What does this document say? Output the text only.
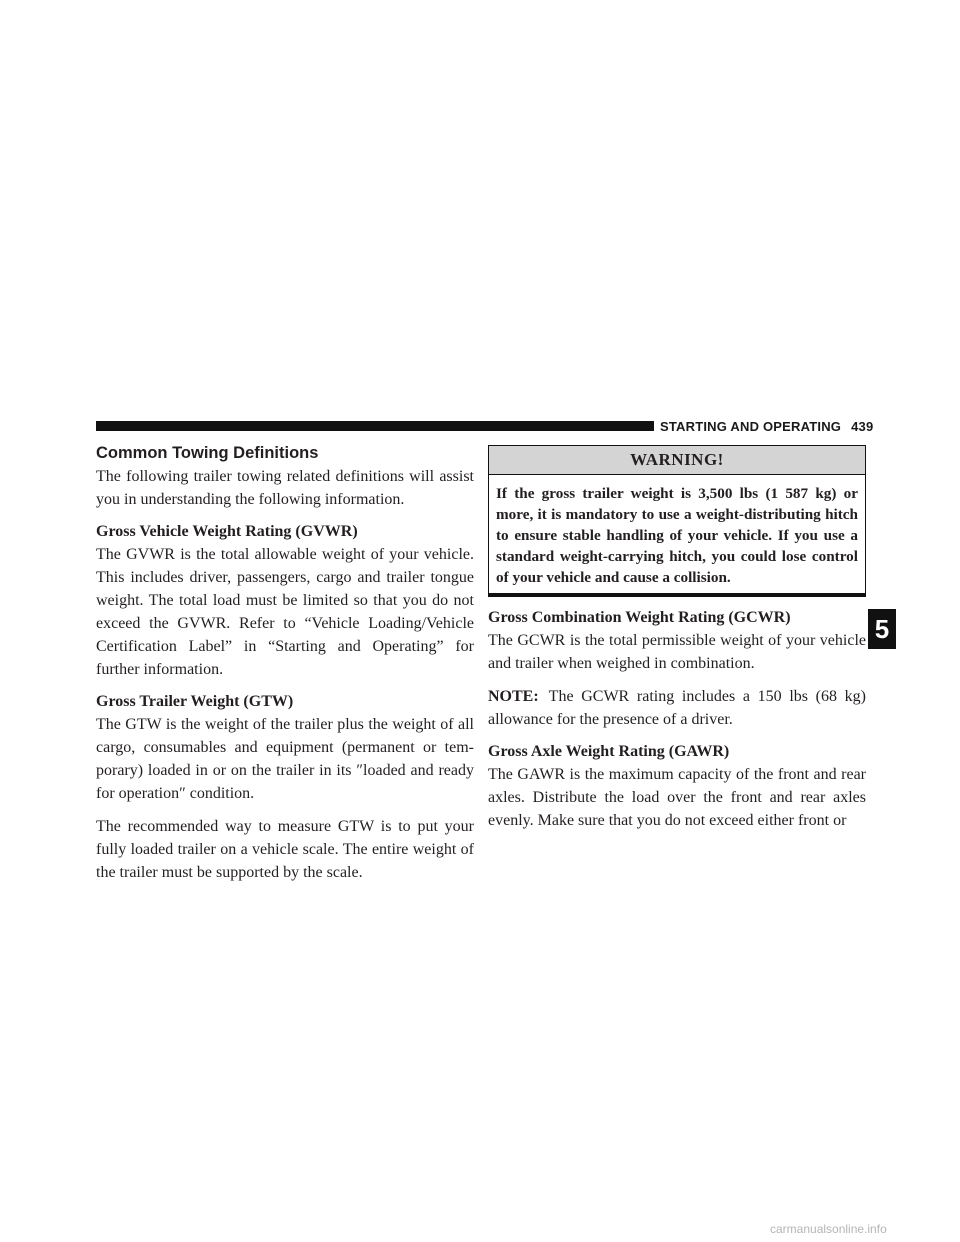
STARTING AND OPERATING 439
Common Towing Definitions

The following trailer towing related definitions will assist you in understanding the following information.

Gross Vehicle Weight Rating (GVWR)

The GVWR is the total allowable weight of your vehicle. This includes driver, passengers, cargo and trailer tongue weight. The total load must be limited so that you do not exceed the GVWR. Refer to “Vehicle Loading/Vehicle Certification Label” in “Starting and Operating” for further information.

Gross Trailer Weight (GTW)

The GTW is the weight of the trailer plus the weight of all cargo, consumables and equipment (permanent or tem-porary) loaded in or on the trailer in its ″loaded and ready for operation″ condition.

The recommended way to measure GTW is to put your fully loaded trailer on a vehicle scale. The entire weight of the trailer must be supported by the scale.

WARNING!
If the gross trailer weight is 3,500 lbs (1 587 kg) or more, it is mandatory to use a weight-distributing hitch to ensure stable handling of your vehicle. If you use a standard weight-carrying hitch, you could lose control of your vehicle and cause a collision.
Gross Combination Weight Rating (GCWR)

The GCWR is the total permissible weight of your vehicle and trailer when weighed in combination.

NOTE: The GCWR rating includes a 150 lbs (68 kg) allowance for the presence of a driver.

Gross Axle Weight Rating (GAWR)

The GAWR is the maximum capacity of the front and rear axles. Distribute the load over the front and rear axles evenly. Make sure that you do not exceed either front or

5
carmanualsonline.info
